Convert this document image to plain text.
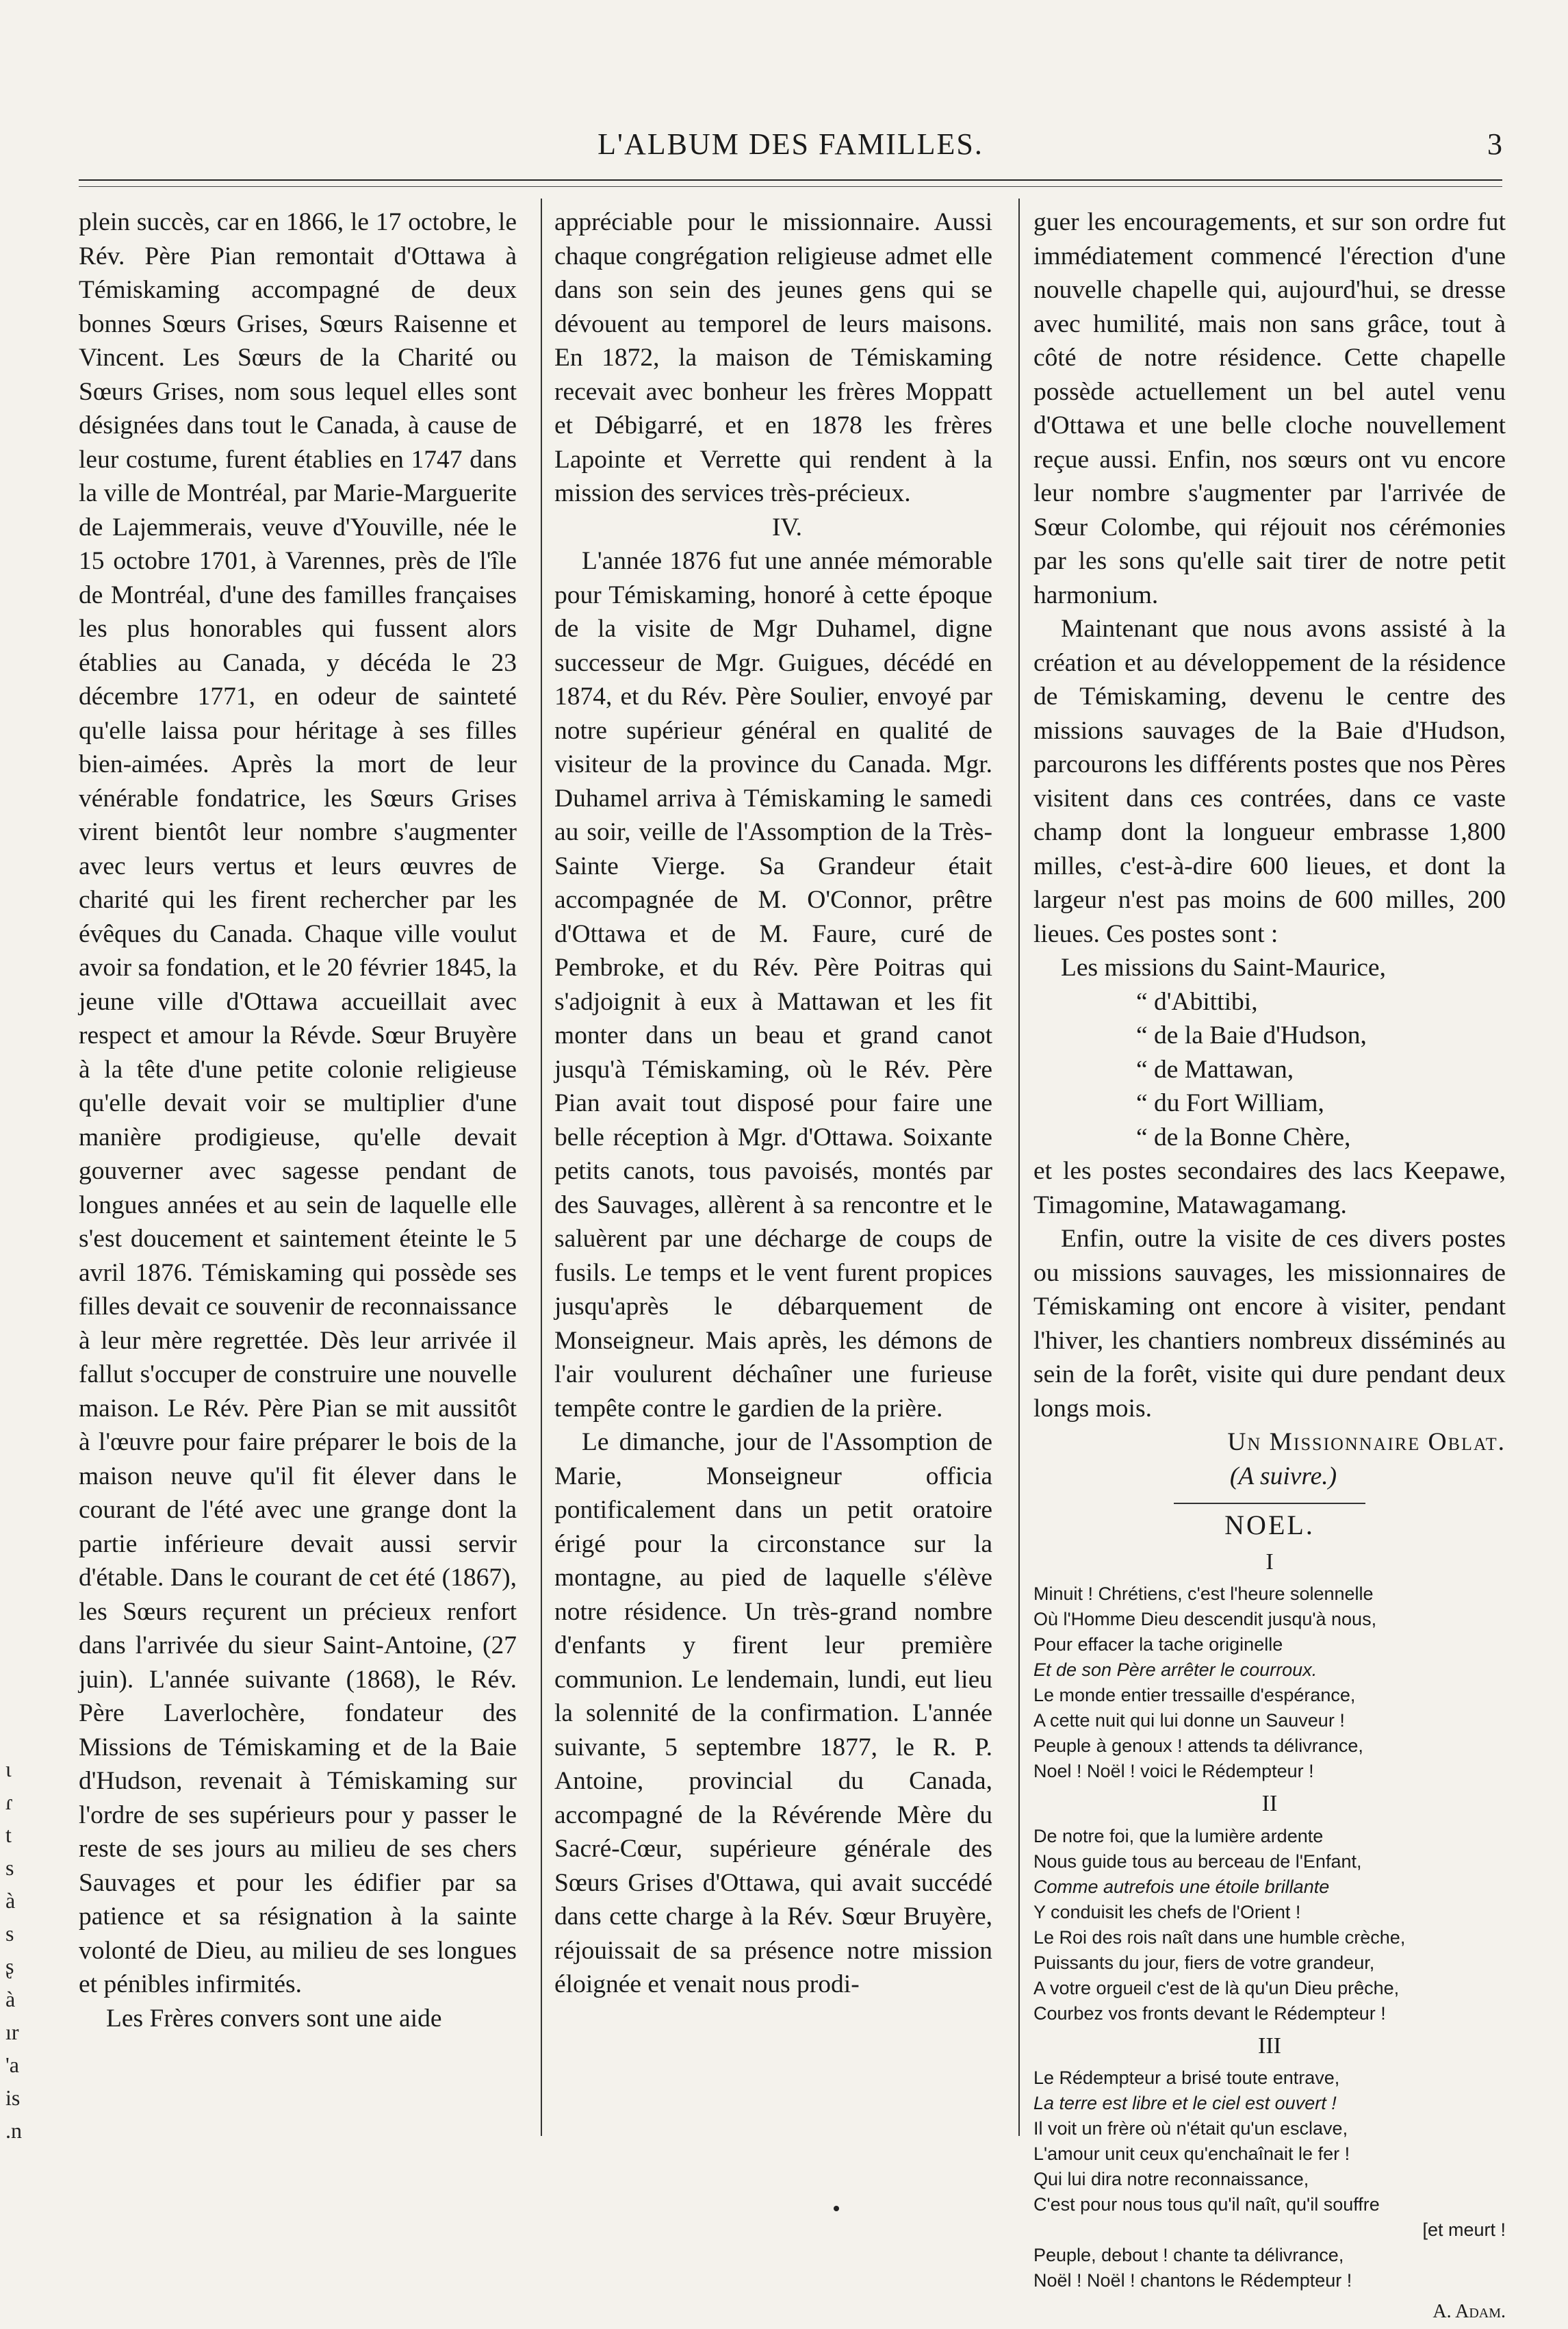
L'ALBUM DES FAMILLES.	3

plein succès, car en 1866, le 17 octobre, le Rév. Père Pian remontait d'Ottawa à Témiskaming accompagné de deux bonnes Sœurs Grises, Sœurs Raisenne et Vincent. Les Sœurs de la Charité ou Sœurs Grises, nom sous lequel elles sont désignées dans tout le Canada, à cause de leur costume, furent établies en 1747 dans la ville de Montréal, par Marie-Marguerite de Lajemmerais, veuve d'Youville, née le 15 octobre 1701, à Varennes, près de l'île de Montréal, d'une des familles françaises les plus honorables qui fussent alors établies au Canada, y décéda le 23 décembre 1771, en odeur de sainteté qu'elle laissa pour héritage à ses filles bien-aimées. Après la mort de leur vénérable fondatrice, les Sœurs Grises virent bientôt leur nombre s'augmenter avec leurs vertus et leurs œuvres de charité qui les firent rechercher par les évêques du Canada. Chaque ville voulut avoir sa fondation, et le 20 février 1845, la jeune ville d'Ottawa accueillait avec respect et amour la Révde. Sœur Bruyère à la tête d'une petite colonie religieuse qu'elle devait voir se multiplier d'une manière prodigieuse, qu'elle devait gouverner avec sagesse pendant de longues années et au sein de laquelle elle s'est doucement et saintement éteinte le 5 avril 1876. Témiskaming qui possède ses filles devait ce souvenir de reconnaissance à leur mère regrettée. Dès leur arrivée il fallut s'occuper de construire une nouvelle maison. Le Rév. Père Pian se mit aussitôt à l'œuvre pour faire préparer le bois de la maison neuve qu'il fit élever dans le courant de l'été avec une grange dont la partie inférieure devait aussi servir d'étable. Dans le courant de cet été (1867), les Sœurs reçurent un précieux renfort dans l'arrivée du sieur Saint-Antoine, (27 juin). L'année suivante (1868), le Rév. Père Laverlochère, fondateur des Missions de Témiskaming et de la Baie d'Hudson, revenait à Témiskaming sur l'ordre de ses supérieurs pour y passer le reste de ses jours au milieu de ses chers Sauvages et pour les édifier par sa patience et sa résignation à la sainte volonté de Dieu, au milieu de ses longues et pénibles infirmités.

Les Frères convers sont une aide

appréciable pour le missionnaire. Aussi chaque congrégation religieuse admet elle dans son sein des jeunes gens qui se dévouent au temporel de leurs maisons. En 1872, la maison de Témiskaming recevait avec bonheur les frères Moppatt et Débigarré, et en 1878 les frères Lapointe et Verrette qui rendent à la mission des services très-précieux.

IV.

L'année 1876 fut une année mémorable pour Témiskaming, honoré à cette époque de la visite de Mgr Duhamel, digne successeur de Mgr. Guigues, décédé en 1874, et du Rév. Père Soulier, envoyé par notre supérieur général en qualité de visiteur de la province du Canada. Mgr. Duhamel arriva à Témiskaming le samedi au soir, veille de l'Assomption de la Très-Sainte Vierge. Sa Grandeur était accompagnée de M. O'Connor, prêtre d'Ottawa et de M. Faure, curé de Pembroke, et du Rév. Père Poitras qui s'adjoignit à eux à Mattawan et les fit monter dans un beau et grand canot jusqu'à Témiskaming, où le Rév. Père Pian avait tout disposé pour faire une belle réception à Mgr. d'Ottawa. Soixante petits canots, tous pavoisés, montés par des Sauvages, allèrent à sa rencontre et le saluèrent par une décharge de coups de fusils. Le temps et le vent furent propices jusqu'après le débarquement de Monseigneur. Mais après, les démons de l'air voulurent déchaîner une furieuse tempête contre le gardien de la prière.

Le dimanche, jour de l'Assomption de Marie, Monseigneur officia pontificalement dans un petit oratoire érigé pour la circonstance sur la montagne, au pied de laquelle s'élève notre résidence. Un très-grand nombre d'enfants y firent leur première communion. Le lendemain, lundi, eut lieu la solennité de la confirmation. L'année suivante, 5 septembre 1877, le R. P. Antoine, provincial du Canada, accompagné de la Révérende Mère du Sacré-Cœur, supérieure générale des Sœurs Grises d'Ottawa, qui avait succédé dans cette charge à la Rév. Sœur Bruyère, réjouissait de sa présence notre mission éloignée et venait nous prodi-

guer les encouragements, et sur son ordre fut immédiatement commencé l'érection d'une nouvelle chapelle qui, aujourd'hui, se dresse avec humilité, mais non sans grâce, tout à côté de notre résidence. Cette chapelle possède actuellement un bel autel venu d'Ottawa et une belle cloche nouvellement reçue aussi. Enfin, nos sœurs ont vu encore leur nombre s'augmenter par l'arrivée de Sœur Colombe, qui réjouit nos cérémonies par les sons qu'elle sait tirer de notre petit harmonium.

Maintenant que nous avons assisté à la création et au développement de la résidence de Témiskaming, devenu le centre des missions sauvages de la Baie d'Hudson, parcourons les différents postes que nos Pères visitent dans ces contrées, dans ce vaste champ dont la longueur embrasse 1,800 milles, c'est-à-dire 600 lieues, et dont la largeur n'est pas moins de 600 milles, 200 lieues. Ces postes sont :

Les missions du Saint-Maurice,
“ d'Abittibi,
“ de la Baie d'Hudson,
“ de Mattawan,
“ du Fort William,
“ de la Bonne Chère,

et les postes secondaires des lacs Keepawe, Timagomine, Matawagamang.

Enfin, outre la visite de ces divers postes ou missions sauvages, les missionnaires de Témiskaming ont encore à visiter, pendant l'hiver, les chantiers nombreux disséminés au sein de la forêt, visite qui dure pendant deux longs mois.

Un Missionnaire Oblat.

(A suivre.)

NOEL.
I
Minuit ! Chrétiens, c'est l'heure solennelle
Où l'Homme Dieu descendit jusqu'à nous,
Pour effacer la tache originelle
Et de son Père arrêter le courroux.
Le monde entier tressaille d'espérance,
A cette nuit qui lui donne un Sauveur !
Peuple à genoux ! attends ta délivrance,
Noel ! Noël ! voici le Rédempteur !
II
De notre foi, que la lumière ardente
Nous guide tous au berceau de l'Enfant,
Comme autrefois une étoile brillante
Y conduisit les chefs de l'Orient !
Le Roi des rois naît dans une humble crèche,
Puissants du jour, fiers de votre grandeur,
A votre orgueil c'est de là qu'un Dieu prêche,
Courbez vos fronts devant le Rédempteur !
III
Le Rédempteur a brisé toute entrave,
La terre est libre et le ciel est ouvert !
Il voit un frère où n'était qu'un esclave,
L'amour unit ceux qu'enchaînait le fer !
Qui lui dira notre reconnaissance,
C'est pour nous tous qu'il naît, qu'il souffre
[et meurt !
Peuple, debout ! chante ta délivrance,
Noël ! Noël ! chantons le Rédempteur !
A. Adam.
ɩ
ɾ
t
s
à
s
ʂ
à
ır
'a
is
.n
